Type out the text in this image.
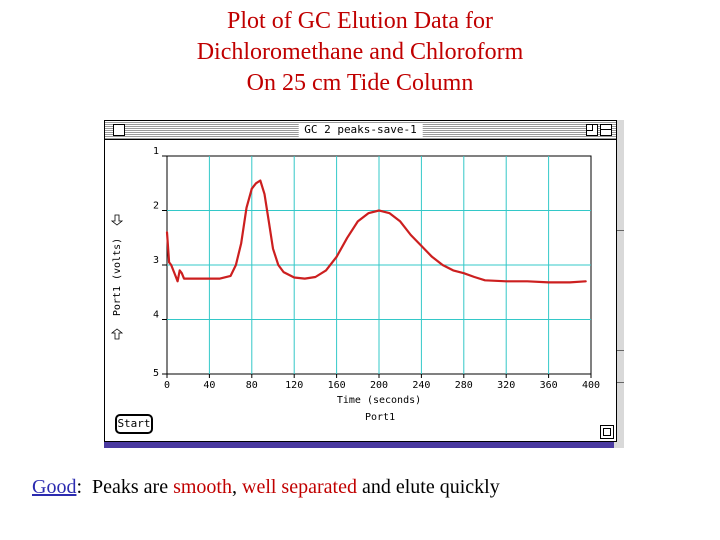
Plot of GC Elution Data for
Dichloromethane and Chloroform
On 25 cm Tide Column
GC 2 peaks-save-1
1
2
3
4
5
0	40	80	120 160 200 240 280 320 360 400
Time (seconds)
Port1 (volts)
Start	Port1
Good:  Peaks are smooth, well separated and elute quickly
